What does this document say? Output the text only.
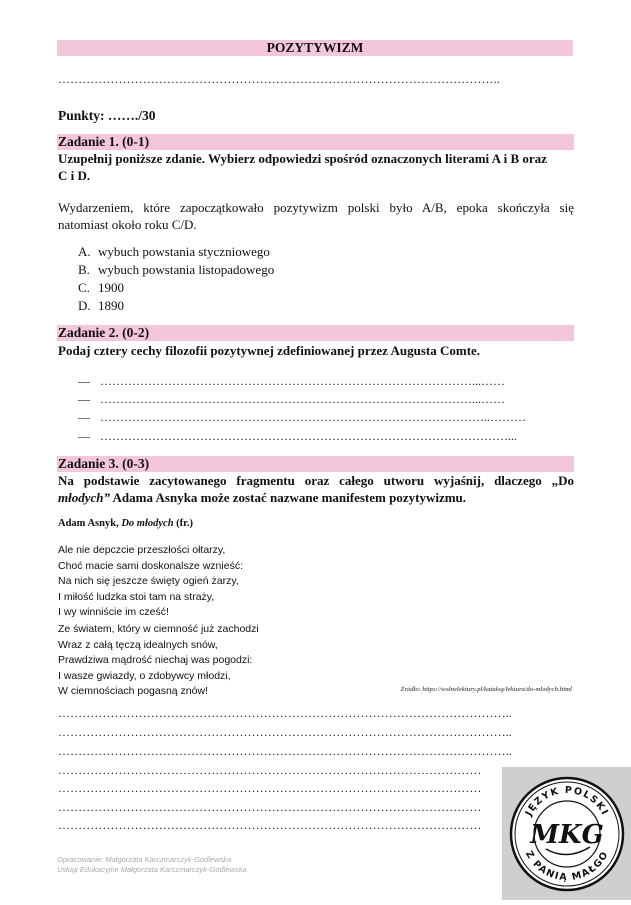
POZYTYWIZM
………………………………………………………………………………………………..
Punkty: ……./30
Zadanie 1. (0-1)
Uzupełnij poniższe zdanie. Wybierz odpowiedzi spośród oznaczonych literami A i B oraz
C i D.
Wydarzeniem, które zapoczątkowało pozytywizm polski było A/B, epoka skończyła się
natomiast około roku C/D.
A. wybuch powstania styczniowego
B. wybuch powstania listopadowego
C. 1900
D. 1890
Zadanie 2. (0-2)
Podaj cztery cechy filozofii pozytywnej zdefiniowanej przez Augusta Comte.
— …………………………………………………………………………………...……
— …………………………………………………………………………………...……
— ……………………………………………………………………………………..………
— …………………………………………………………………………………………...
Zadanie 3. (0-3)
Na podstawie zacytowanego fragmentu oraz całego utworu wyjaśnij, dlaczego „Do
młodych” Adama Asnyka może zostać nazwane manifestem pozytywizmu.
Adam Asnyk, Do młodych (fr.)
Ale nie depczcie przeszłości ołtarzy,
Choć macie sami doskonalsze wznieść:
Na nich się jeszcze święty ogień żarzy,
I miłość ludzka stoi tam na straży,
I wy winniście im cześć!
Ze światem, który w ciemność już zachodzi
Wraz z całą tęczą idealnych snów,
Prawdziwa mądrość niechaj was pogodzi:
I wasze gwiazdy, o zdobywcy młodzi,
W ciemnościach pogasną znów!	Źródło: https://wolnelektury.pl/katalog/lektura/do-mlodych.html
…………………………………………………………………………………………………..
…………………………………………………………………………………………………..
…………………………………………………………………………………………………..
……………………………………………………………………………………………
……………………………………………………………………………………………
……………………………………………………………………………………………
……………………………………………………………………………………………
Opracowanie: Małgorzata Karczmarczyk-Godlewska
Usługi Edukacyjne Małgorzata Karczmarczyk-Godlewska
JĘZYK POLSKI
Z PANIĄ MAŁGO
MKG
